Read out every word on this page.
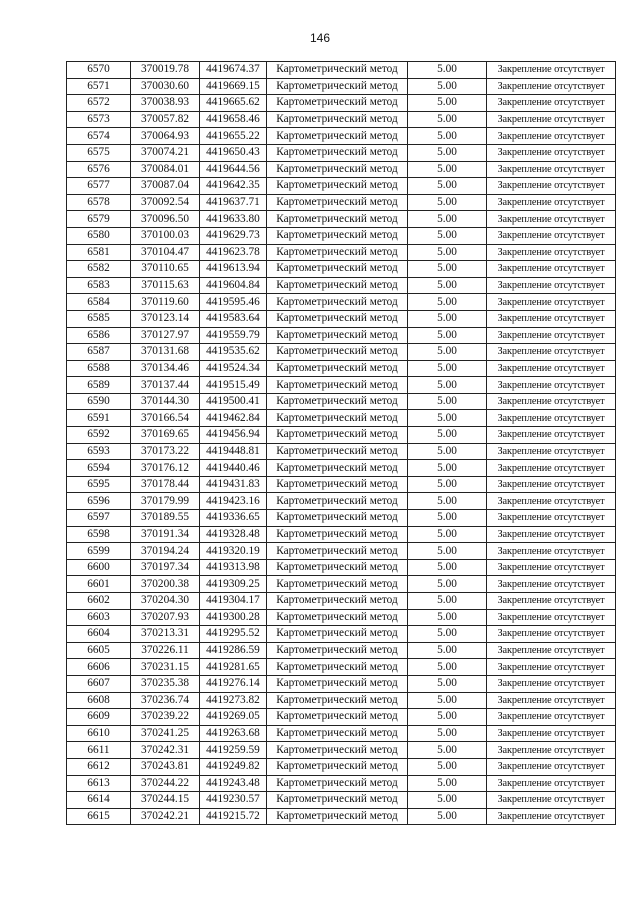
146
6570	370019.78	4419674.37	Картометрический метод	5.00	Закрепление отсутствует
6571	370030.60	4419669.15	Картометрический метод	5.00	Закрепление отсутствует
6572	370038.93	4419665.62	Картометрический метод	5.00	Закрепление отсутствует
6573	370057.82	4419658.46	Картометрический метод	5.00	Закрепление отсутствует
6574	370064.93	4419655.22	Картометрический метод	5.00	Закрепление отсутствует
6575	370074.21	4419650.43	Картометрический метод	5.00	Закрепление отсутствует
6576	370084.01	4419644.56	Картометрический метод	5.00	Закрепление отсутствует
6577	370087.04	4419642.35	Картометрический метод	5.00	Закрепление отсутствует
6578	370092.54	4419637.71	Картометрический метод	5.00	Закрепление отсутствует
6579	370096.50	4419633.80	Картометрический метод	5.00	Закрепление отсутствует
6580	370100.03	4419629.73	Картометрический метод	5.00	Закрепление отсутствует
6581	370104.47	4419623.78	Картометрический метод	5.00	Закрепление отсутствует
6582	370110.65	4419613.94	Картометрический метод	5.00	Закрепление отсутствует
6583	370115.63	4419604.84	Картометрический метод	5.00	Закрепление отсутствует
6584	370119.60	4419595.46	Картометрический метод	5.00	Закрепление отсутствует
6585	370123.14	4419583.64	Картометрический метод	5.00	Закрепление отсутствует
6586	370127.97	4419559.79	Картометрический метод	5.00	Закрепление отсутствует
6587	370131.68	4419535.62	Картометрический метод	5.00	Закрепление отсутствует
6588	370134.46	4419524.34	Картометрический метод	5.00	Закрепление отсутствует
6589	370137.44	4419515.49	Картометрический метод	5.00	Закрепление отсутствует
6590	370144.30	4419500.41	Картометрический метод	5.00	Закрепление отсутствует
6591	370166.54	4419462.84	Картометрический метод	5.00	Закрепление отсутствует
6592	370169.65	4419456.94	Картометрический метод	5.00	Закрепление отсутствует
6593	370173.22	4419448.81	Картометрический метод	5.00	Закрепление отсутствует
6594	370176.12	4419440.46	Картометрический метод	5.00	Закрепление отсутствует
6595	370178.44	4419431.83	Картометрический метод	5.00	Закрепление отсутствует
6596	370179.99	4419423.16	Картометрический метод	5.00	Закрепление отсутствует
6597	370189.55	4419336.65	Картометрический метод	5.00	Закрепление отсутствует
6598	370191.34	4419328.48	Картометрический метод	5.00	Закрепление отсутствует
6599	370194.24	4419320.19	Картометрический метод	5.00	Закрепление отсутствует
6600	370197.34	4419313.98	Картометрический метод	5.00	Закрепление отсутствует
6601	370200.38	4419309.25	Картометрический метод	5.00	Закрепление отсутствует
6602	370204.30	4419304.17	Картометрический метод	5.00	Закрепление отсутствует
6603	370207.93	4419300.28	Картометрический метод	5.00	Закрепление отсутствует
6604	370213.31	4419295.52	Картометрический метод	5.00	Закрепление отсутствует
6605	370226.11	4419286.59	Картометрический метод	5.00	Закрепление отсутствует
6606	370231.15	4419281.65	Картометрический метод	5.00	Закрепление отсутствует
6607	370235.38	4419276.14	Картометрический метод	5.00	Закрепление отсутствует
6608	370236.74	4419273.82	Картометрический метод	5.00	Закрепление отсутствует
6609	370239.22	4419269.05	Картометрический метод	5.00	Закрепление отсутствует
6610	370241.25	4419263.68	Картометрический метод	5.00	Закрепление отсутствует
6611	370242.31	4419259.59	Картометрический метод	5.00	Закрепление отсутствует
6612	370243.81	4419249.82	Картометрический метод	5.00	Закрепление отсутствует
6613	370244.22	4419243.48	Картометрический метод	5.00	Закрепление отсутствует
6614	370244.15	4419230.57	Картометрический метод	5.00	Закрепление отсутствует
6615	370242.21	4419215.72	Картометрический метод	5.00	Закрепление отсутствует
